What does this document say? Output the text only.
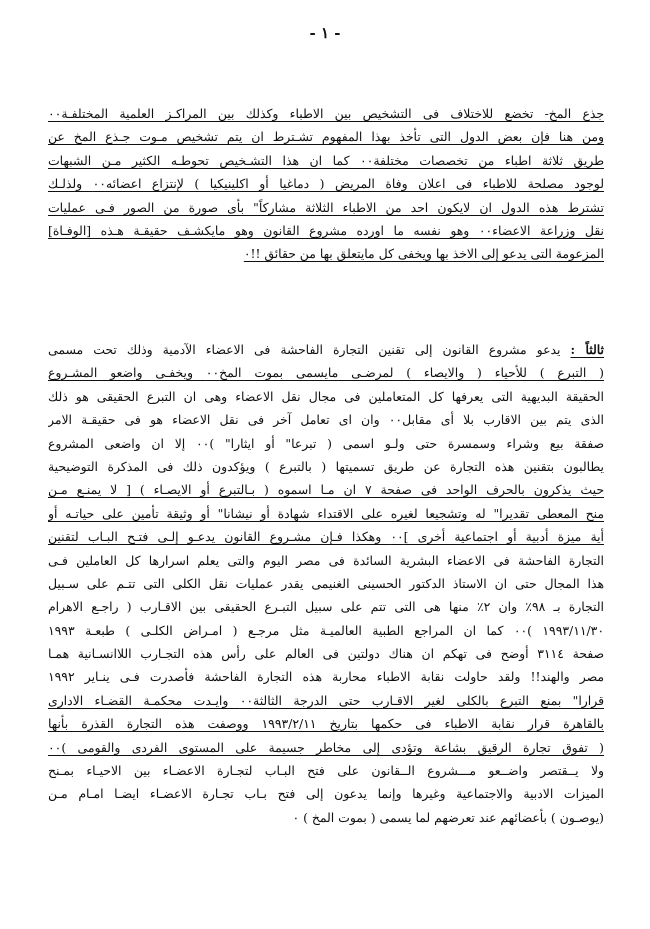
- ١ -
جذع المخ- تخضع للاختلاف فى التشخيص بين الاطباء وكذلك بين المراكـز العلمية المختلفـة٠٠
ومن هنا فإن بعض الدول التى تأخذ بهذا المفهوم تشـترط ان يتم تشخيص مـوت جـذع المخ عن
طريق ثلاثة اطباء من تخصصات مختلفة٠٠ كما ان هذا التشـخيص تحوطـه الكثير مـن الشبهات
لوجود مصلحة للاطباء فى اعلان وفاة المريض ( دماغيا أو اكلينيكيا ) لإنتزاع اعضائه٠٠ ولذلـك
تشترط هذه الدول ان لايكون احد من الاطباء الثلاثة مشاركاً" بأى صورة من الصور فـى عمليات
نقل وزراعة الاعضاء٠٠ وهو نفسه ما اورده مشروع القانون وهو مايكشـف حقيقـة هـذه [الوفـاة]
المزعومة التى يدعو إلى الاخذ بها ويخفى كل مايتعلق بها من حقائق !!٠
ثالثاً : يدعو مشروع القانون إلى تقنين التجارة الفاحشة فى الاعضاء الآدمية وذلك تحت مسمى
( التبرع ) للأحياء ( والايصاء ) لمرضـى مايسمى بموت المخ٠٠ ويخفـى واضعو المشـروع
الحقيقة البديهية التى يعرفها كل المتعاملين فى مجال نقل الاعضاء وهى ان التبرع الحقيقى هو ذلك
الذى يتم بين الاقارب بلا أى مقابل٠٠ وان اى تعامل آخر فى نقل الاعضاء هو فى حقيقـة الامر
صفقة بيع وشراء وسمسرة حتى ولـو اسمى ( تبرعا" أو ايثارا" )٠٠ إلا ان واضعى المشروع
يطالبون بتقنين هذه التجارة عن طريق تسميتها ( بالتبرع ) ويؤكدون ذلك فى المذكرة التوضيحية
حيث يذكرون بالحرف الواحد فى صفحة ٧ ان مـا اسموه ( بـالتبرع أو الايصـاء ) [ لا يمنـع مـن
منح المعطى تقديرا" له وتشجيعا لغيره على الاقتداء شهادة أو نيشانا" أو وثيقة تأمين على حياتـه أو
أية ميزة أدبية أو اجتماعية أخرى ]٠٠ وهكذا فـإن مشـروع القانون يدعـو إلـى فتـح البـاب لتقنين
التجارة الفاحشة فى الاعضاء البشرية السائدة فى مصر اليوم والتى يعلم اسرارها كل العاملين فـى
هذا المجال حتى ان الاستاذ الدكتور الحسينى الغنيمى يقدر عمليات نقل الكلى التى تتـم على سـبيل
التجارة بـ ٩٨٪ وان ٢٪ منها هى التى تتم على سبيل التبـرع الحقيقى بين الاقـارب ( راجـع الاهرام
١٩٩٣/١١/٣٠ )٠٠ كما ان المراجع الطبية العالميـة مثل مرجـع ( امـراض الكلـى ) طبعـة ١٩٩٣
صفحة ٣١١٤ أوضح فى تهكم ان هناك دولتين فى العالم على رأس هذه التجـارب اللاانسـانية همـا
مصر والهند!! ولقد حاولت نقابة الاطباء محاربة هذه التجارة الفاحشة فأصدرت فـى ينـاير ١٩٩٢
قرارا" بمنع التبرع بالكلى لغير الاقـارب حتى الدرجة الثالثة٠٠ وايـدت محكمـة القضـاء الادارى
بالقاهرة قرار نقابة الاطباء فى حكمها بتاريخ ١٩٩٣/٢/١١ ووصفت هذه التجارة القذرة بأنها
( تفوق تجارة الرقيق بشاعة وتؤدى إلى مخاطر جسيمة على المستوى الفردى والقومى )٠٠
ولا يــقتصر واضــعو مـــشروع الــقانون على فتح البـاب لتجـارة الاعضـاء بين الاحيـاء بمـنح
الميزات الادبية والاجتماعية وغيرها وإنما يدعون إلى فتح بـاب تجـارة الاعضـاء ايضـا امـام مـن
(يوصـون ) بأعضائهم عند تعرضهم لما يسمى ( بموت المخ ) ٠
